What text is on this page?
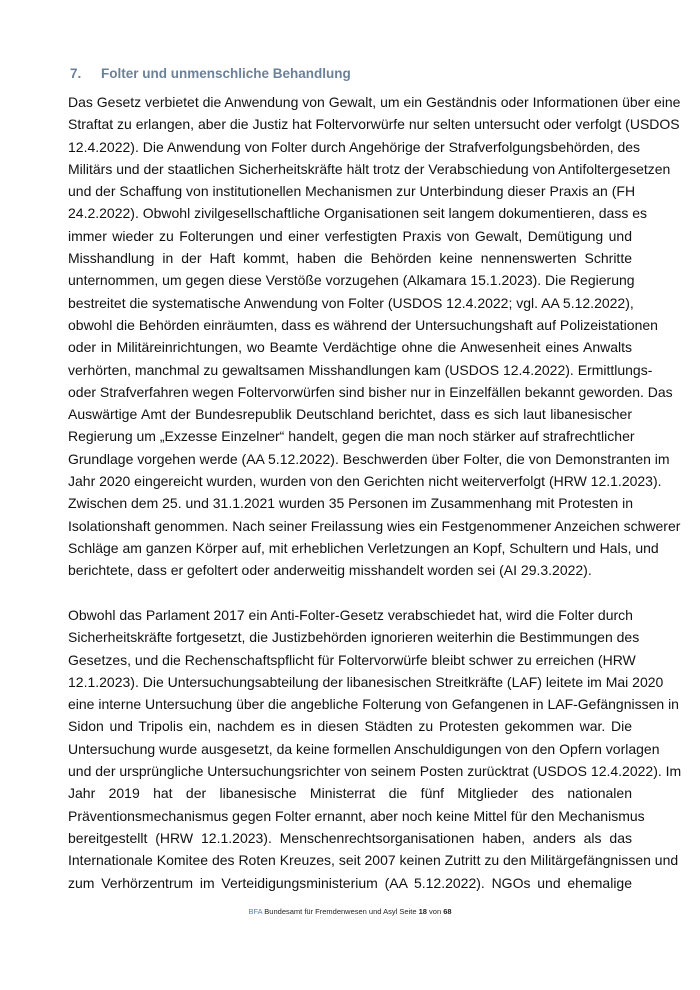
7. Folter und unmenschliche Behandlung
Das Gesetz verbietet die Anwendung von Gewalt, um ein Geständnis oder Informationen über eine
Straftat zu erlangen, aber die Justiz hat Foltervorwürfe nur selten untersucht oder verfolgt (USDOS
12.4.2022). Die Anwendung von Folter durch Angehörige der Strafverfolgungsbehörden, des
Militärs und der staatlichen Sicherheitskräfte hält trotz der Verabschiedung von Antifoltergesetzen
und der Schaffung von institutionellen Mechanismen zur Unterbindung dieser Praxis an (FH
24.2.2022). Obwohl zivilgesellschaftliche Organisationen seit langem dokumentieren, dass es
immer wieder zu Folterungen und einer verfestigten Praxis von Gewalt, Demütigung und
Misshandlung in der Haft kommt, haben die Behörden keine nennenswerten Schritte
unternommen, um gegen diese Verstöße vorzugehen (Alkamara 15.1.2023). Die Regierung
bestreitet die systematische Anwendung von Folter (USDOS 12.4.2022; vgl. AA 5.12.2022),
obwohl die Behörden einräumten, dass es während der Untersuchungshaft auf Polizeistationen
oder in Militäreinrichtungen, wo Beamte Verdächtige ohne die Anwesenheit eines Anwalts
verhörten, manchmal zu gewaltsamen Misshandlungen kam (USDOS 12.4.2022). Ermittlungs-
oder Strafverfahren wegen Foltervorwürfen sind bisher nur in Einzelfällen bekannt geworden. Das
Auswärtige Amt der Bundesrepublik Deutschland berichtet, dass es sich laut libanesischer
Regierung um „Exzesse Einzelner“ handelt, gegen die man noch stärker auf strafrechtlicher
Grundlage vorgehen werde (AA 5.12.2022). Beschwerden über Folter, die von Demonstranten im
Jahr 2020 eingereicht wurden, wurden von den Gerichten nicht weiterverfolgt (HRW 12.1.2023).
Zwischen dem 25. und 31.1.2021 wurden 35 Personen im Zusammenhang mit Protesten in
Isolationshaft genommen. Nach seiner Freilassung wies ein Festgenommener Anzeichen schwerer
Schläge am ganzen Körper auf, mit erheblichen Verletzungen an Kopf, Schultern und Hals, und
berichtete, dass er gefoltert oder anderweitig misshandelt worden sei (AI 29.3.2022).
Obwohl das Parlament 2017 ein Anti-Folter-Gesetz verabschiedet hat, wird die Folter durch
Sicherheitskräfte fortgesetzt, die Justizbehörden ignorieren weiterhin die Bestimmungen des
Gesetzes, und die Rechenschaftspflicht für Foltervorwürfe bleibt schwer zu erreichen (HRW
12.1.2023). Die Untersuchungsabteilung der libanesischen Streitkräfte (LAF) leitete im Mai 2020
eine interne Untersuchung über die angebliche Folterung von Gefangenen in LAF-Gefängnissen in
Sidon und Tripolis ein, nachdem es in diesen Städten zu Protesten gekommen war. Die
Untersuchung wurde ausgesetzt, da keine formellen Anschuldigungen von den Opfern vorlagen
und der ursprüngliche Untersuchungsrichter von seinem Posten zurücktrat (USDOS 12.4.2022). Im
Jahr 2019 hat der libanesische Ministerrat die fünf Mitglieder des nationalen
Präventionsmechanismus gegen Folter ernannt, aber noch keine Mittel für den Mechanismus
bereitgestellt (HRW 12.1.2023). Menschenrechtsorganisationen haben, anders als das
Internationale Komitee des Roten Kreuzes, seit 2007 keinen Zutritt zu den Militärgefängnissen und
zum Verhörzentrum im Verteidigungsministerium (AA 5.12.2022). NGOs und ehemalige
BFA Bundesamt für Fremdenwesen und Asyl Seite 18 von 68
